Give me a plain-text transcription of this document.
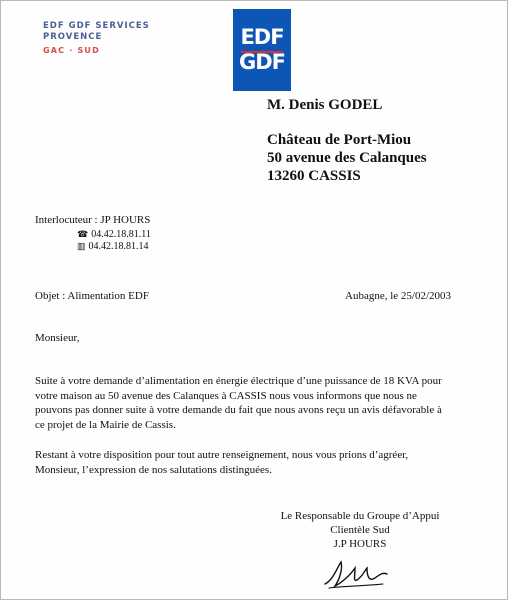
EDF GDF SERVICES
PROVENCE
GAC · SUD
EDF
GDF
M. Denis GODEL
Château de Port-Miou
50 avenue des Calanques
13260 CASSIS
Interlocuteur : JP HOURS
☎ 04.42.18.81.11
▥ 04.42.18.81.14
Objet : Alimentation EDF	Aubagne, le 25/02/2003
Monsieur,
Suite à votre demande d’alimentation en énergie électrique d’une puissance de 18 KVA pour
votre maison au 50 avenue des Calanques à CASSIS nous vous informons que nous ne
pouvons pas donner suite à votre demande du fait que nous avons reçu un avis défavorable à
ce projet de la Mairie de Cassis.
Restant à votre disposition pour tout autre renseignement, nous vous prions d’agréer,
Monsieur, l’expression de nos salutations distinguées.
Le Responsable du Groupe d’Appui
Clientèle Sud
J.P HOURS
